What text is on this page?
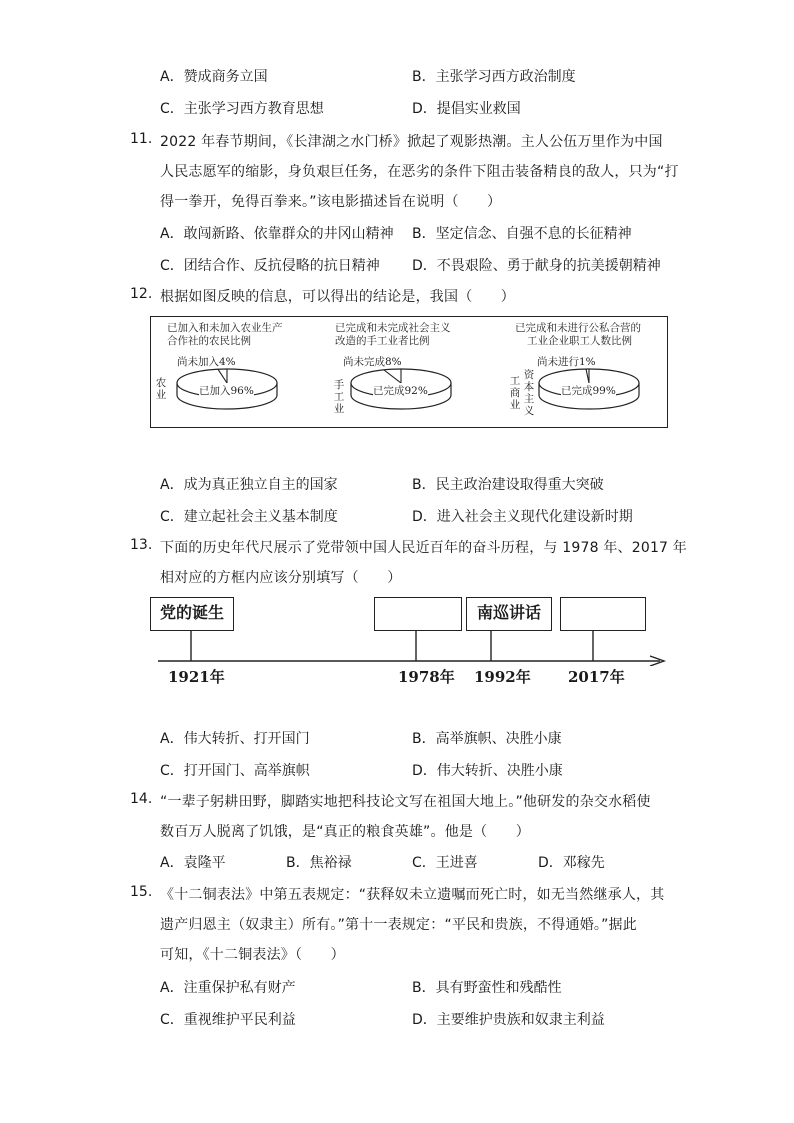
A．赞成商务立国	B．主张学习西方政治制度
C．主张学习西方教育思想	D．提倡实业救国
11. 2022 年春节期间，《长津湖之水门桥》掀起了观影热潮。主人公伍万里作为中国
人民志愿军的缩影，身负艰巨任务，在恶劣的条件下阻击装备精良的敌人，只为“打
得一拳开，免得百拳来。”该电影描述旨在说明（　　）
A．敢闯新路、依靠群众的井冈山精神 B．坚定信念、自强不息的长征精神
C．团结合作、反抗侵略的抗日精神 D．不畏艰险、勇于献身的抗美援朝精神
12. 根据如图反映的信息，可以得出的结论是，我国（　　）
已加入和未加入农业生产
合作社的农民比例
尚未加入4%
农
业	已加入96%
已完成和未完成社会主义
改造的手工业者比例
尚未完成8%
手
工
业
已完成92%
已完成和未进行公私合营的
工业企业职工人数比例
尚未进行1%
工
商
业
资
本
主
义
已完成99%
A．成为真正独立自主的国家	B．民主政治建设取得重大突破
C．建立起社会主义基本制度	D．进入社会主义现代化建设新时期
13. 下面的历史年代尺展示了党带领中国人民近百年的奋斗历程，与 1978 年、2017 年
相对应的方框内应该分别填写（　　）
党的诞生	南巡讲话
1921年	1978年 1992年 2017年
A．伟大转折、打开国门	B．高举旗帜、决胜小康
C．打开国门、高举旗帜	D．伟大转折、决胜小康
14. “一辈子躬耕田野，脚踏实地把科技论文写在祖国大地上。”他研发的杂交水稻使
数百万人脱离了饥饿，是“真正的粮食英雄”。他是（　　）
A．袁隆平	B．焦裕禄	C．王进喜	D．邓稼先
15. 《十二铜表法》中第五表规定：“获释奴未立遗嘱而死亡时，如无当然继承人，其
遗产归恩主（奴隶主）所有。”第十一表规定：“平民和贵族，不得通婚。”据此
可知，《十二铜表法》（　　）
A．注重保护私有财产	B．具有野蛮性和残酷性
C．重视维护平民利益	D．主要维护贵族和奴隶主利益
